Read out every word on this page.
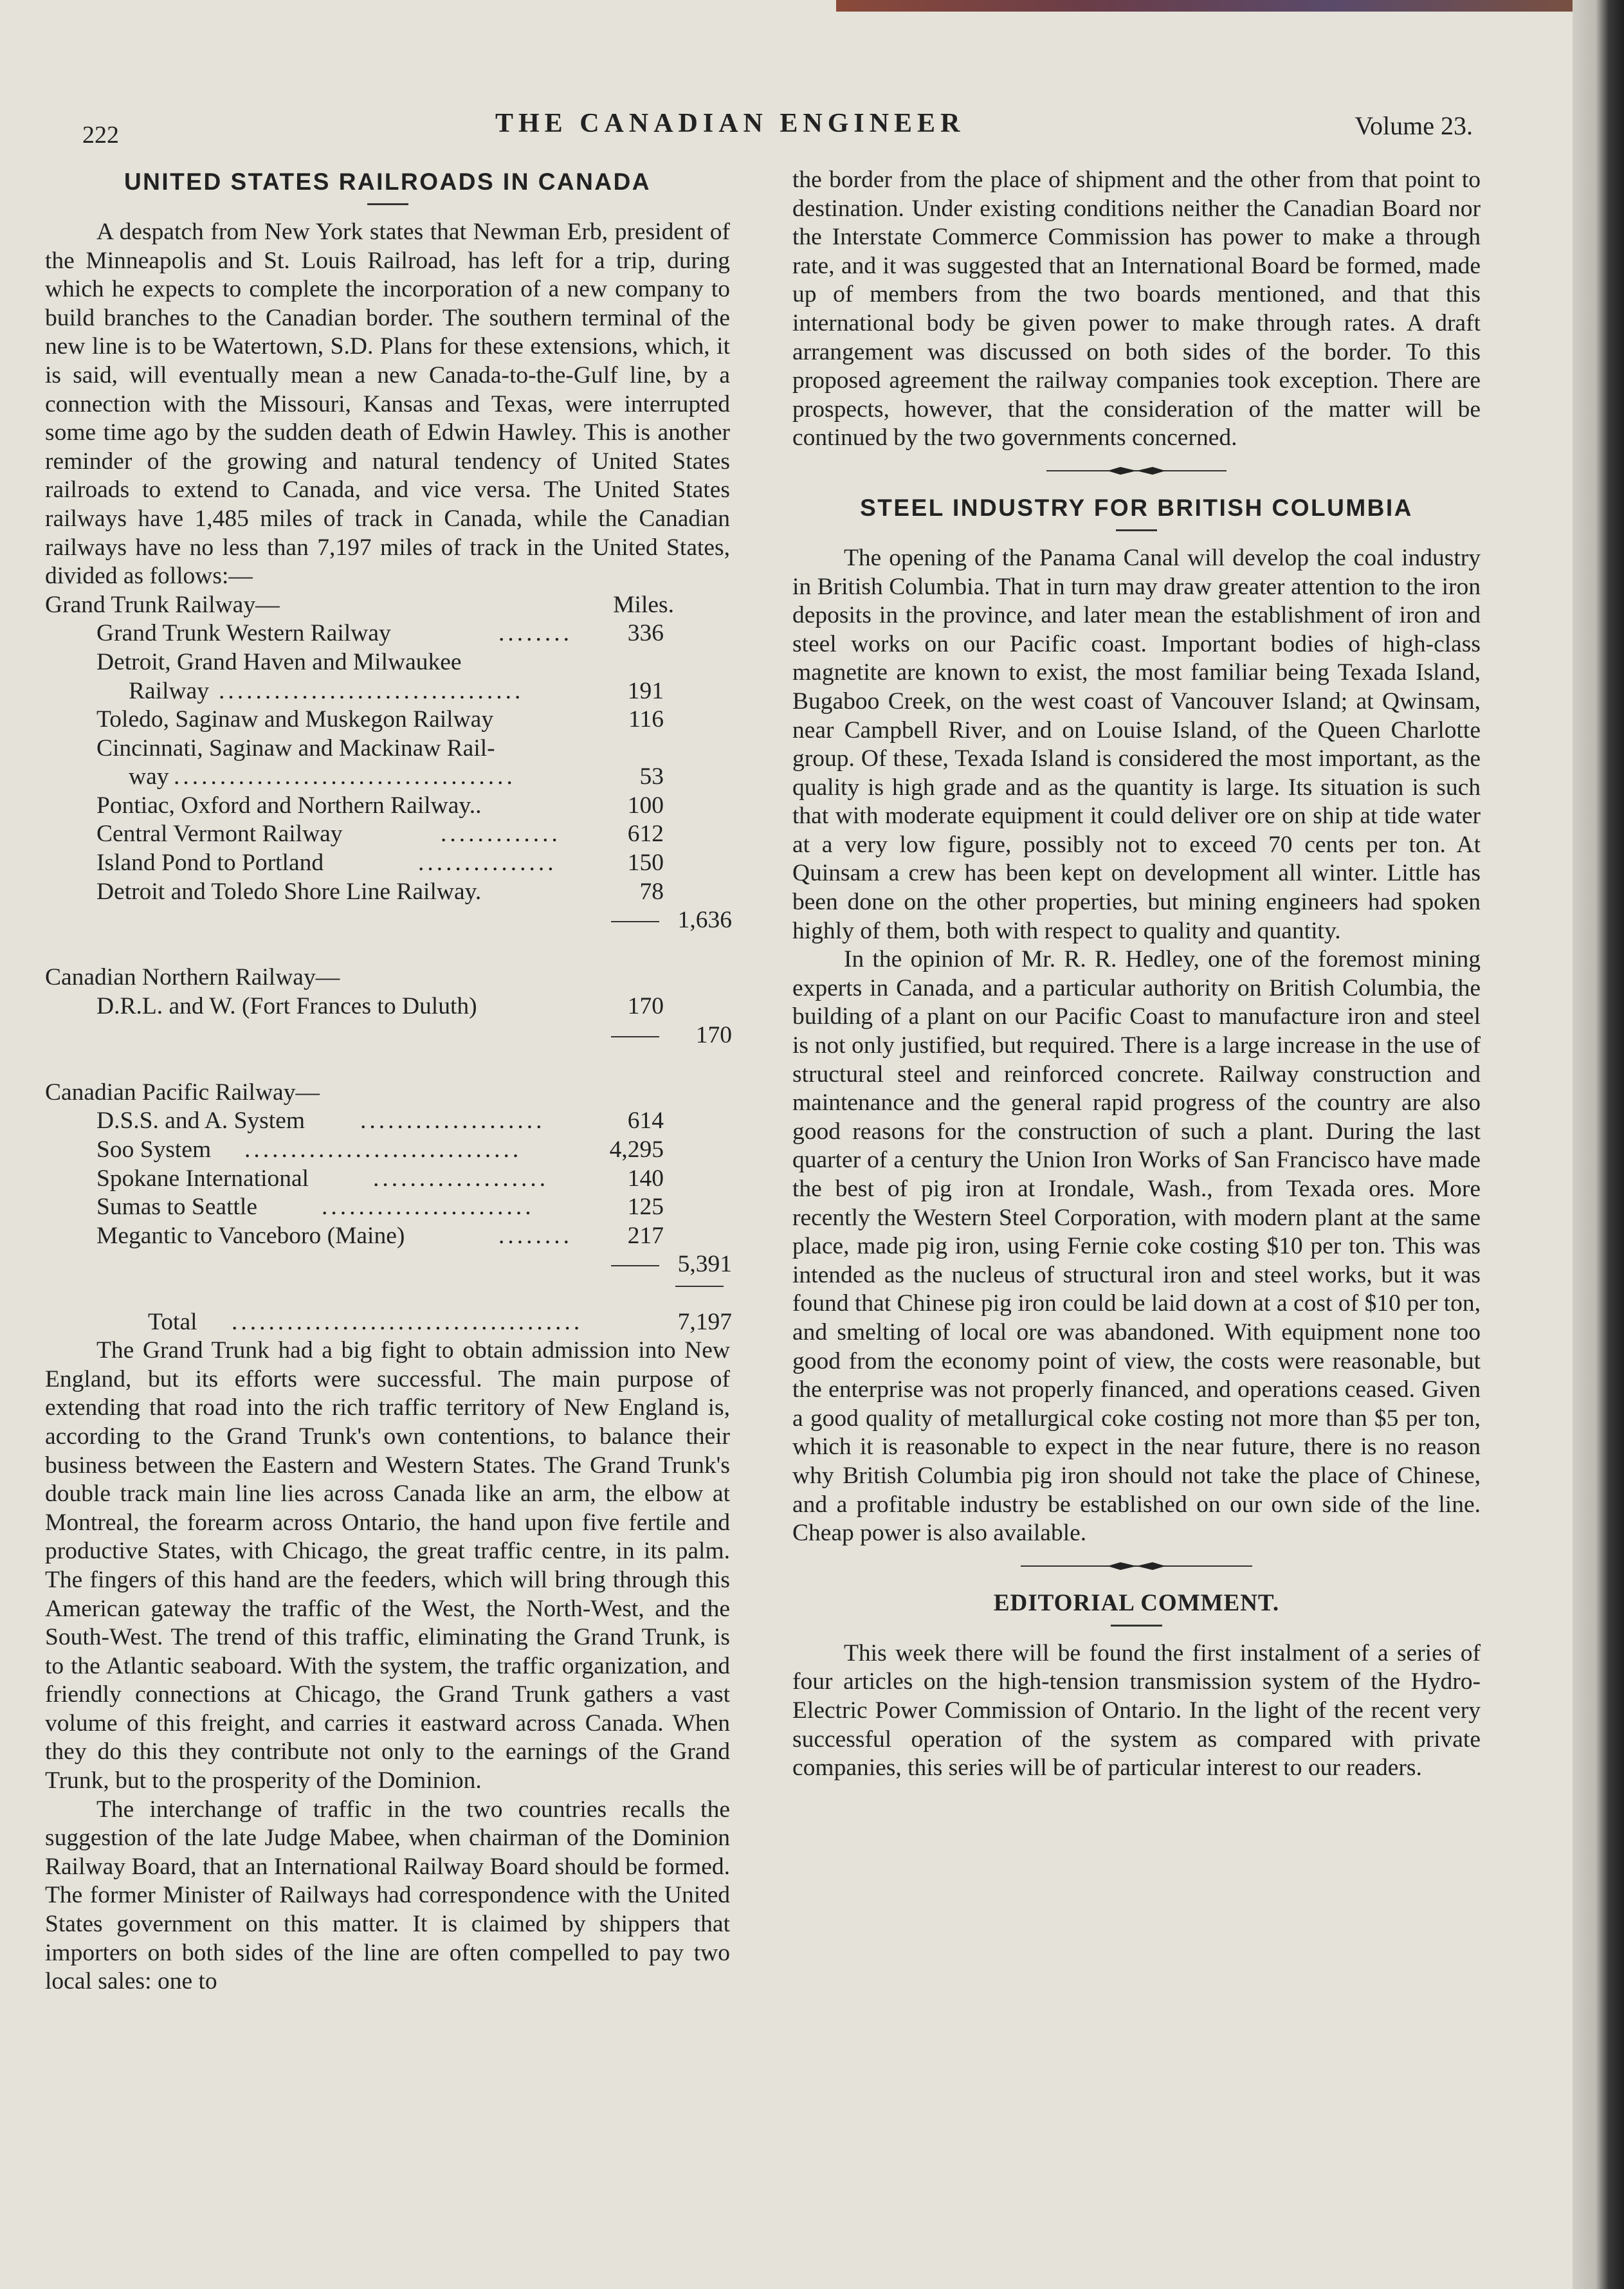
222	THE CANADIAN ENGINEER	Volume 23.
UNITED STATES RAILROADS IN CANADA

A despatch from New York states that Newman Erb, president of the Minneapolis and St. Louis Railroad, has left for a trip, during which he expects to complete the incorporation of a new company to build branches to the Canadian border. The southern terminal of the new line is to be Watertown, S.D. Plans for these extensions, which, it is said, will eventually mean a new Canada-to-the-Gulf line, by a connection with the Missouri, Kansas and Texas, were interrupted some time ago by the sudden death of Edwin Hawley. This is another reminder of the growing and natural tendency of United States railroads to extend to Canada, and vice versa. The United States railways have 1,485 miles of track in Canada, while the Canadian railways have no less than 7,197 miles of track in the United States, divided as follows:—

Grand Trunk Railway—	Miles.
Grand Trunk Western Railway	........	336
Detroit, Grand Haven and Milwaukee
Railway .................................	191
Toledo, Saginaw and Muskegon Railway	116
Cincinnati, Saginaw and Mackinaw Rail-
way .....................................	53
Pontiac, Oxford and Northern Railway..	100
Central Vermont Railway	.............	612
Island Pond to Portland	...............	150
Detroit and Toledo Shore Line Railway.	78
1,636
Canadian Northern Railway—
D.R.L. and W. (Fort Frances to Duluth)	170
170
Canadian Pacific Railway—
D.S.S. and A. System ....................	614
Soo System ..............................	4,295
Spokane International	...................	140
Sumas to Seattle	.......................	125
Megantic to Vanceboro (Maine)	........	217
5,391
Total ......................................	7,197

The Grand Trunk had a big fight to obtain admission into New England, but its efforts were successful. The main purpose of extending that road into the rich traffic territory of New England is, according to the Grand Trunk's own contentions, to balance their business between the Eastern and Western States. The Grand Trunk's double track main line lies across Canada like an arm, the elbow at Montreal, the forearm across Ontario, the hand upon five fertile and productive States, with Chicago, the great traffic centre, in its palm. The fingers of this hand are the feeders, which will bring through this American gateway the traffic of the West, the North-West, and the South-West. The trend of this traffic, eliminating the Grand Trunk, is to the Atlantic seaboard. With the system, the traffic organization, and friendly connections at Chicago, the Grand Trunk gathers a vast volume of this freight, and carries it eastward across Canada. When they do this they contribute not only to the earnings of the Grand Trunk, but to the prosperity of the Dominion.

The interchange of traffic in the two countries recalls the suggestion of the late Judge Mabee, when chairman of the Dominion Railway Board, that an International Railway Board should be formed. The former Minister of Railways had correspondence with the United States government on this matter. It is claimed by shippers that importers on both sides of the line are often compelled to pay two local sales: one to

the border from the place of shipment and the other from that point to destination. Under existing conditions neither the Canadian Board nor the Interstate Commerce Commission has power to make a through rate, and it was suggested that an International Board be formed, made up of members from the two boards mentioned, and that this international body be given power to make through rates. A draft arrangement was discussed on both sides of the border. To this proposed agreement the railway companies took exception. There are prospects, however, that the consideration of the matter will be continued by the two governments concerned.

STEEL INDUSTRY FOR BRITISH COLUMBIA

The opening of the Panama Canal will develop the coal industry in British Columbia. That in turn may draw greater attention to the iron deposits in the province, and later mean the establishment of iron and steel works on our Pacific coast. Important bodies of high-class magnetite are known to exist, the most familiar being Texada Island, Bugaboo Creek, on the west coast of Vancouver Island; at Qwinsam, near Campbell River, and on Louise Island, of the Queen Charlotte group. Of these, Texada Island is considered the most important, as the quality is high grade and as the quantity is large. Its situation is such that with moderate equipment it could deliver ore on ship at tide water at a very low figure, possibly not to exceed 70 cents per ton. At Quinsam a crew has been kept on development all winter. Little has been done on the other properties, but mining engineers had spoken highly of them, both with respect to quality and quantity.

In the opinion of Mr. R. R. Hedley, one of the foremost mining experts in Canada, and a particular authority on British Columbia, the building of a plant on our Pacific Coast to manufacture iron and steel is not only justified, but required. There is a large increase in the use of structural steel and reinforced concrete. Railway construction and maintenance and the general rapid progress of the country are also good reasons for the construction of such a plant. During the last quarter of a century the Union Iron Works of San Francisco have made the best of pig iron at Irondale, Wash., from Texada ores. More recently the Western Steel Corporation, with modern plant at the same place, made pig iron, using Fernie coke costing $10 per ton. This was intended as the nucleus of structural iron and steel works, but it was found that Chinese pig iron could be laid down at a cost of $10 per ton, and smelting of local ore was abandoned. With equipment none too good from the economy point of view, the costs were reasonable, but the enterprise was not properly financed, and operations ceased. Given a good quality of metallurgical coke costing not more than $5 per ton, which it is reasonable to expect in the near future, there is no reason why British Columbia pig iron should not take the place of Chinese, and a profitable industry be established on our own side of the line. Cheap power is also available.

EDITORIAL COMMENT.

This week there will be found the first instalment of a series of four articles on the high-tension transmission system of the Hydro-Electric Power Commission of Ontario. In the light of the recent very successful operation of the system as compared with private companies, this series will be of particular interest to our readers.
